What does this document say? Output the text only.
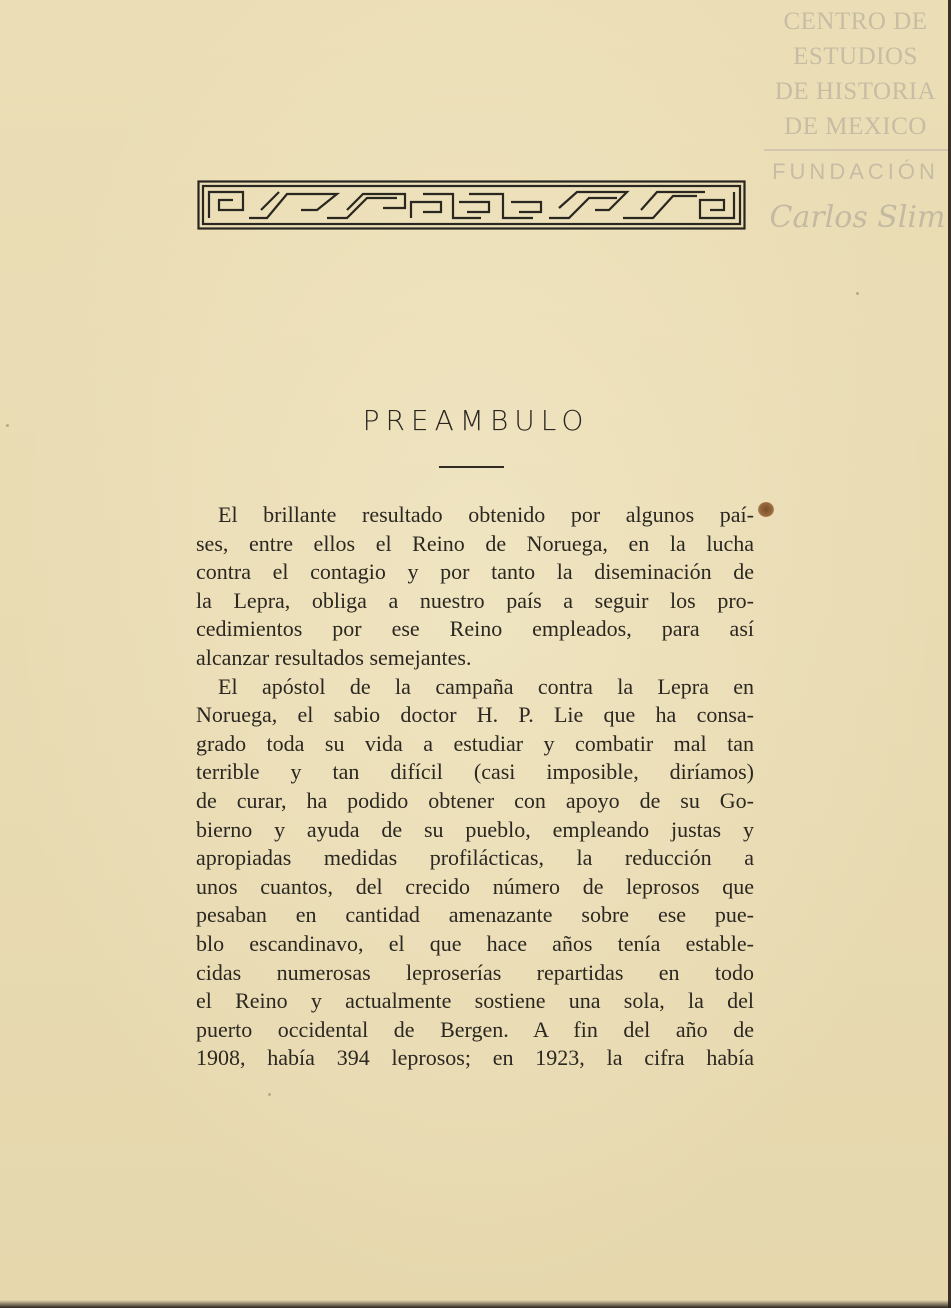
CENTRO DE
ESTUDIOS
DE HISTORIA
DE MEXICO
FUNDACIÓN
Carlos Slim
PREAMBULO
El brillante resultado obtenido por algunos paí-
ses, entre ellos el Reino de Noruega, en la lucha
contra el contagio y por tanto la diseminación de
la Lepra, obliga a nuestro país a seguir los pro-
cedimientos por ese Reino empleados, para así
alcanzar resultados semejantes.
El apóstol de la campaña contra la Lepra en
Noruega, el sabio doctor H. P. Lie que ha consa-
grado toda su vida a estudiar y combatir mal tan
terrible y tan difícil (casi imposible, diríamos)
de curar, ha podido obtener con apoyo de su Go-
bierno y ayuda de su pueblo, empleando justas y
apropiadas medidas profilácticas, la reducción a
unos cuantos, del crecido número de leprosos que
pesaban en cantidad amenazante sobre ese pue-
blo escandinavo, el que hace años tenía estable-
cidas numerosas leproserías repartidas en todo
el Reino y actualmente sostiene una sola, la del
puerto occidental de Bergen. A fin del año de
1908, había 394 leprosos; en 1923, la cifra había
